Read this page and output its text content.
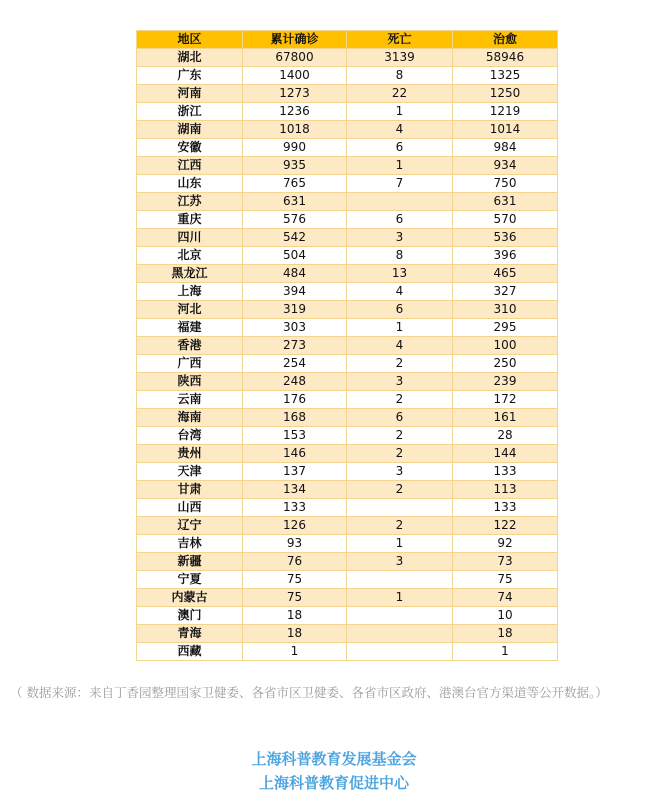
地区	累计确诊	死亡	治愈
湖北	67800	3139	58946
广东	1400	8	1325
河南	1273	22	1250
浙江	1236	1	1219
湖南	1018	4	1014
安徽	990	6	984
江西	935	1	934
山东	765	7	750
江苏	631		631
重庆	576	6	570
四川	542	3	536
北京	504	8	396
黑龙江	484	13	465
上海	394	4	327
河北	319	6	310
福建	303	1	295
香港	273	4	100
广西	254	2	250
陕西	248	3	239
云南	176	2	172
海南	168	6	161
台湾	153	2	28
贵州	146	2	144
天津	137	3	133
甘肃	134	2	113
山西	133		133
辽宁	126	2	122
吉林	93	1	92
新疆	76	3	73
宁夏	75		75
内蒙古	75	1	74
澳门	18		10
青海	18		18
西藏	1		1
（ 数据来源：来自丁香园整理国家卫健委、各省市区卫健委、各省市区政府、港澳台官方渠道等公开数据。）
上海科普教育发展基金会
上海科普教育促进中心
